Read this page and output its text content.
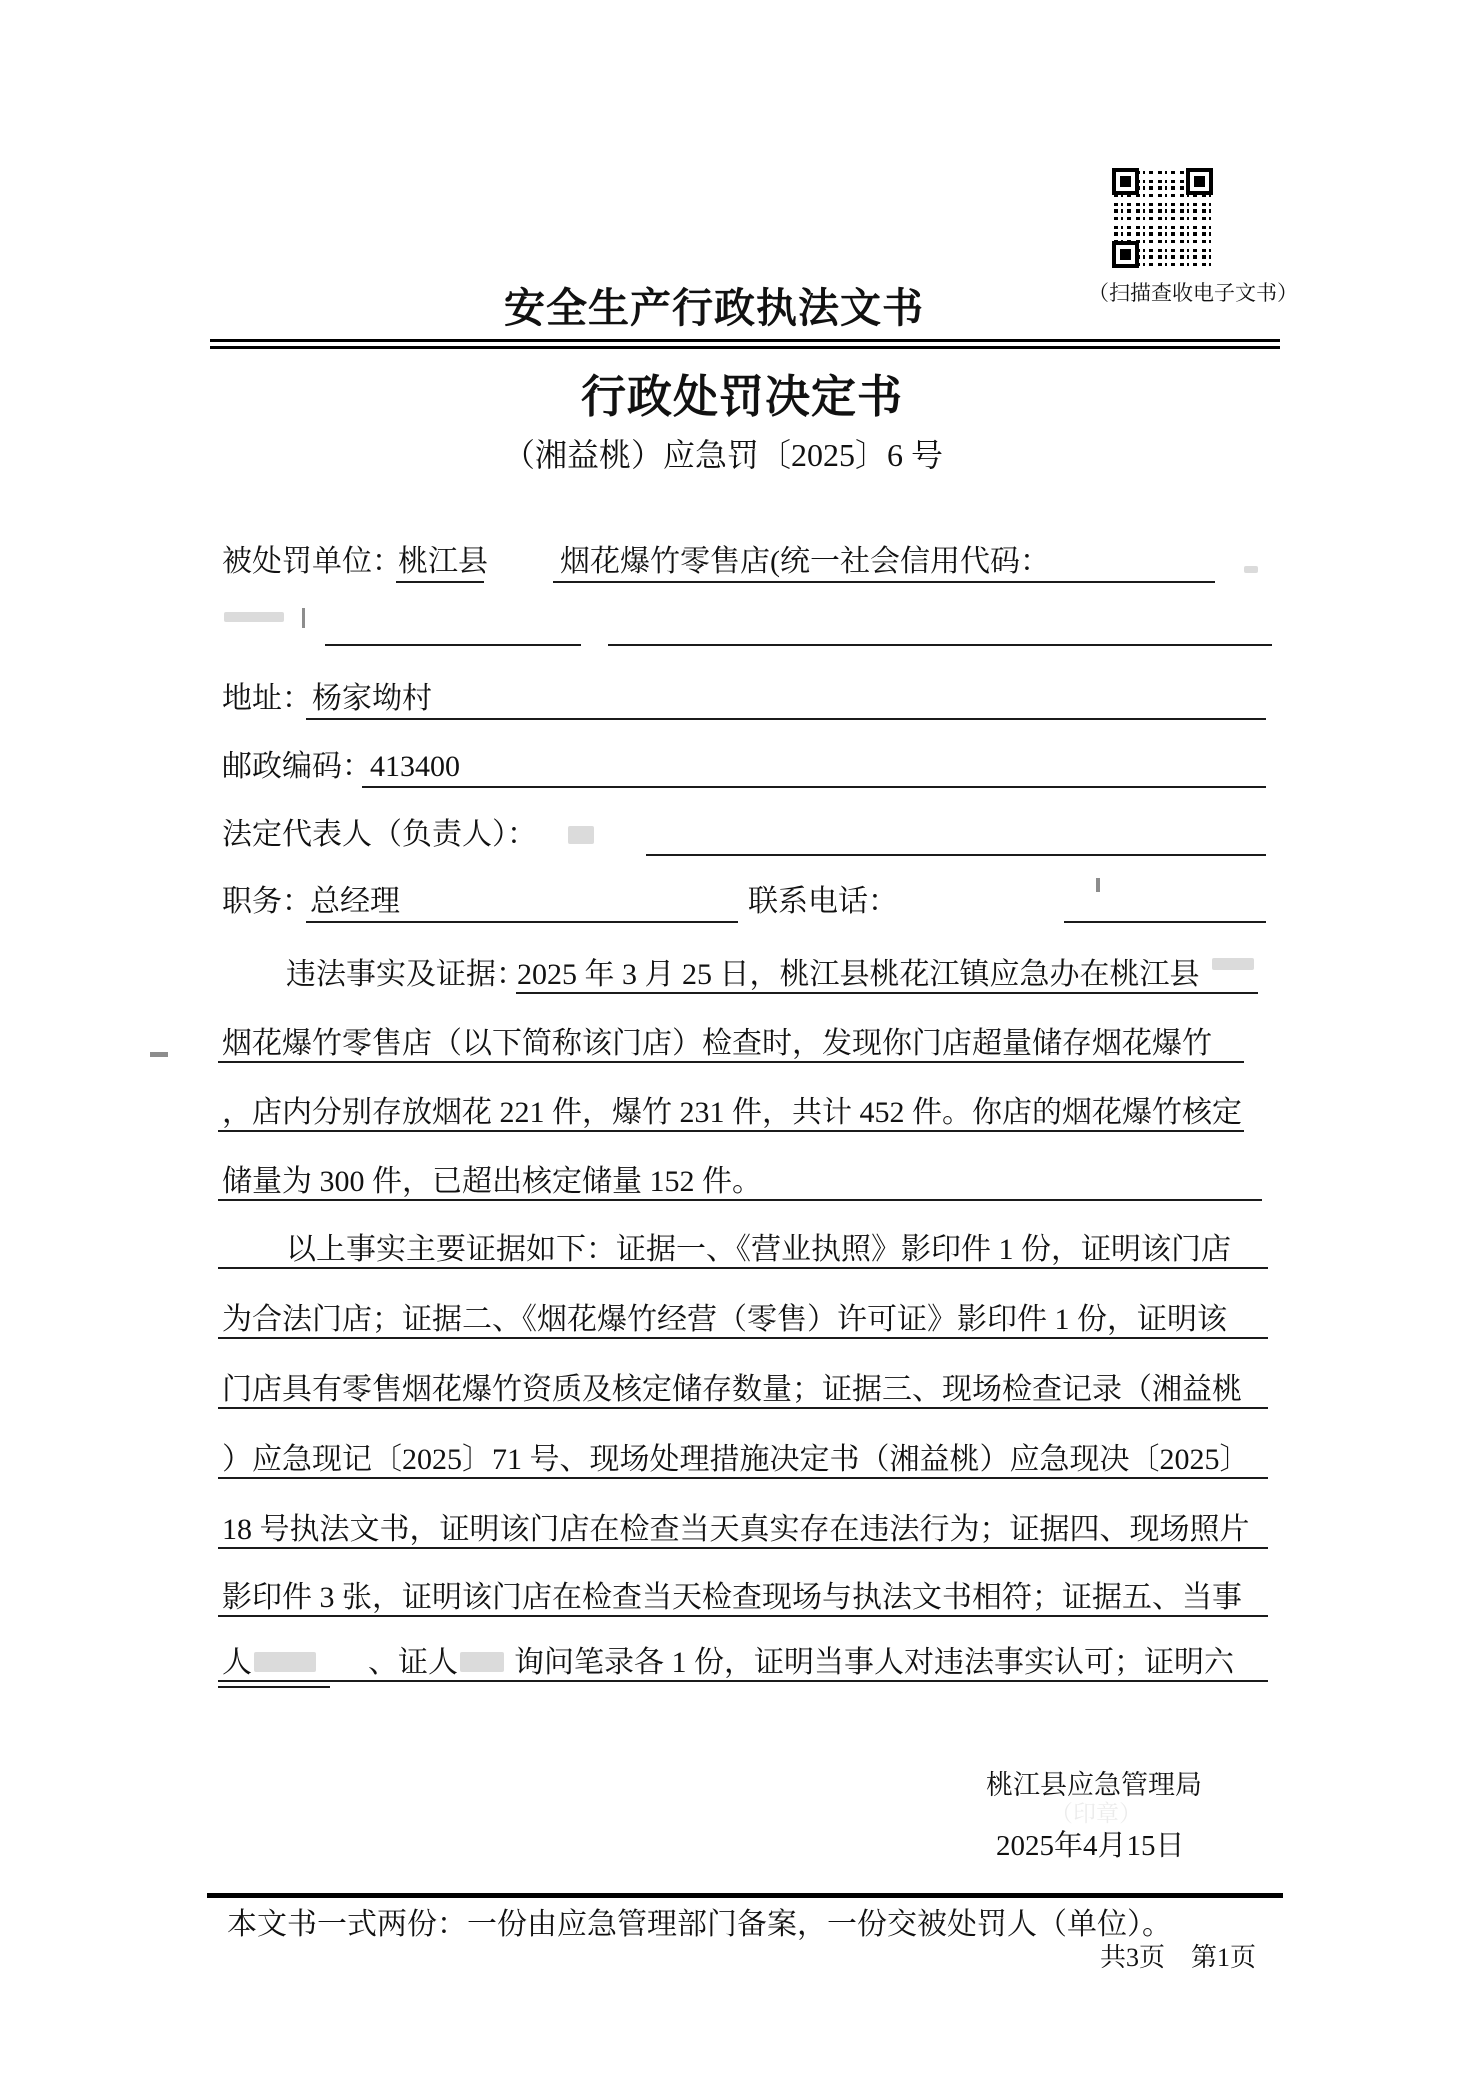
（扫描查收电子文书）
安全生产行政执法文书
行政处罚决定书
（湘益桃）应急罚〔2025〕6 号
被处罚单位：
桃江县 烟花爆竹零售店(统一社会信用代码：
地址： 杨家坳村
邮政编码：
413400
法定代表人（负责人）：
职务：
总经理	联系电话：
违法事实及证据：
2025 年 3 月 25 日，桃江县桃花江镇应急办在桃江县
烟花爆竹零售店（以下简称该门店）检查时，发现你门店超量储存烟花爆竹
，店内分别存放烟花 221 件，爆竹 231 件，共计 452 件。你店的烟花爆竹核定
储量为 300 件，已超出核定储量 152 件。
以上事实主要证据如下：证据一、《营业执照》影印件 1 份，证明该门店
为合法门店；证据二、《烟花爆竹经营（零售）许可证》影印件 1 份，证明该
门店具有零售烟花爆竹资质及核定储存数量；证据三、现场检查记录（湘益桃
）应急现记〔2025〕71 号、现场处理措施决定书（湘益桃）应急现决〔2025〕
18 号执法文书，证明该门店在检查当天真实存在违法行为；证据四、现场照片
影印件 3 张，证明该门店在检查当天检查现场与执法文书相符；证据五、当事
人	、证人 询问笔录各 1 份，证明当事人对违法事实认可；证明六
桃江县应急管理局
（印章）
2025年4月15日
本文书一式两份：一份由应急管理部门备案，一份交被处罚人（单位）。
共3页　第1页
